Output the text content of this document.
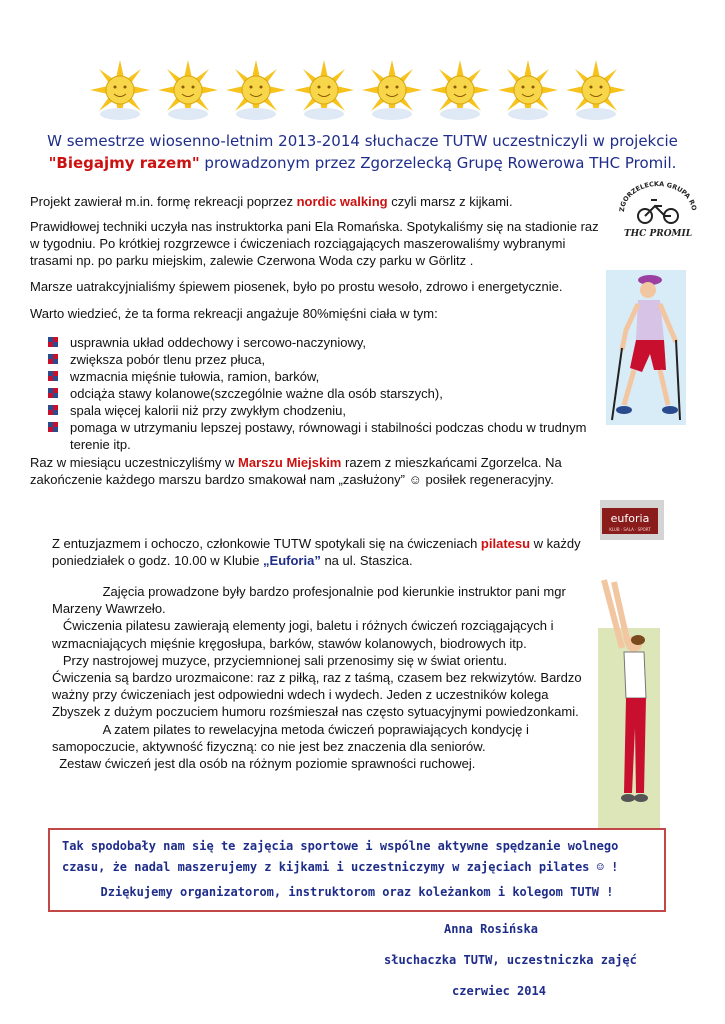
W semestrze wiosenno-letnim 2013-2014 słuchacze TUTW uczestniczyli w projekcie
"Biegajmy razem" prowadzonym przez Zgorzelecką Grupę Rowerowa THC Promil.
ZGORZELECKA GRUPA RO
THC PROMIL
Projekt zawierał m.in. formę rekreacji poprzez nordic walking czyli marsz z kijkami.
Prawidłowej techniki uczyła nas instruktorka pani Ela Romańska. Spotykaliśmy się na stadionie raz w tygodniu. Po krótkiej rozgrzewce i ćwiczeniach rozciągających maszerowaliśmy wybranymi trasami np. po parku miejskim, zalewie Czerwona Woda czy parku w Görlitz .
Marsze uatrakcyjnialiśmy śpiewem piosenek, było po prostu wesoło, zdrowo i energetycznie.
Warto wiedzieć, że ta forma rekreacji angażuje 80%mięśni ciała w tym:
usprawnia układ oddechowy i sercowo-naczyniowy,
zwiększa pobór tlenu przez płuca,
wzmacnia mięśnie tułowia, ramion, barków,
odciąża stawy kolanowe(szczególnie ważne dla osób starszych),
spala więcej kalorii niż przy zwykłym chodzeniu,
pomaga w utrzymaniu lepszej postawy, równowagi i stabilności podczas chodu w trudnym terenie itp.
Raz w miesiącu uczestniczyliśmy w Marszu Miejskim razem z mieszkańcami Zgorzelca. Na zakończenie każdego marszu bardzo smakował nam „zasłużony” ☺ posiłek regeneracyjny.
euforia
KLUB · SALA · SPORT
Z entuzjazmem i ochoczo, członkowie TUTW spotykali się na ćwiczeniach pilatesu w każdy poniedziałek o godz. 10.00 w Klubie „Euforia” na ul. Staszica.
Zajęcia prowadzone były bardzo profesjonalnie pod kierunkie instruktor pani mgr Marzeny Wawrzeło.
Ćwiczenia pilatesu zawierają elementy jogi, baletu i różnych ćwiczeń rozciągających i wzmacniających mięśnie kręgosłupa, barków, stawów kolanowych, biodrowych itp.
Przy nastrojowej muzyce, przyciemnionej sali przenosimy się w świat orientu.
Ćwiczenia są bardzo urozmaicone: raz z piłką, raz z taśmą, czasem bez rekwizytów. Bardzo ważny przy ćwiczeniach jest odpowiedni wdech i wydech. Jeden z uczestników kolega Zbyszek z dużym poczuciem humoru rozśmieszał nas często sytuacyjnymi powiedzonkami.
A zatem pilates to rewelacyjna metoda ćwiczeń poprawiających kondycję i samopoczucie, aktywność fizyczną: co nie jest bez znaczenia dla seniorów.
Zestaw ćwiczeń jest dla osób na różnym poziomie sprawności ruchowej.
Tak spodobały nam się te zajęcia sportowe i wspólne aktywne spędzanie wolnego czasu, że nadal maszerujemy z kijkami i uczestniczymy w zajęciach pilates ☺ !
Dziękujemy organizatorom, instruktorom oraz koleżankom i kolegom TUTW !
Anna Rosińska
słuchaczka TUTW, uczestniczka zajęć
czerwiec 2014
